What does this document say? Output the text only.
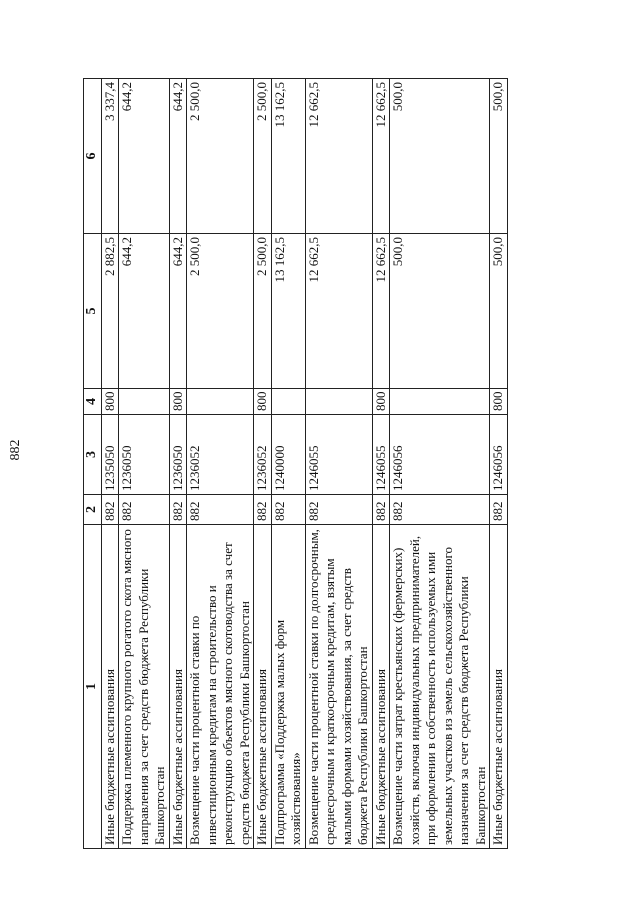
882
1	2	3	4	5	6
Иные бюджетные ассигнования	882	1235050	800	2 882,5	3 337,4
Поддержка племенного крупного рогатого скота мясного направления за счет средств бюджета Республики Башкортостан	882	1236050		644,2	644,2
Иные бюджетные ассигнования	882	1236050	800	644,2	644,2
Возмещение части процентной ставки по инвестиционным кредитам на строительство и реконструкцию объектов мясного скотоводства за счет средств бюджета Республики Башкортостан	882	1236052		2 500,0	2 500,0
Иные бюджетные ассигнования	882	1236052	800	2 500,0	2 500,0
Подпрограмма «Поддержка малых форм хозяйствования»	882	1240000		13 162,5	13 162,5
Возмещение части процентной ставки по долгосрочным, среднесрочным и краткосрочным кредитам, взятым малыми формами хозяйствования, за счет средств бюджета Республики Башкортостан	882	1246055		12 662,5	12 662,5
Иные бюджетные ассигнования	882	1246055	800	12 662,5	12 662,5
Возмещение части затрат крестьянских (фермерских) хозяйств, включая индивидуальных предпринимателей, при оформлении в собственность используемых ими земельных участков из земель сельскохозяйственного назначения за счет средств бюджета Республики Башкортостан	882	1246056		500,0	500,0
Иные бюджетные ассигнования	882	1246056	800	500,0	500,0
